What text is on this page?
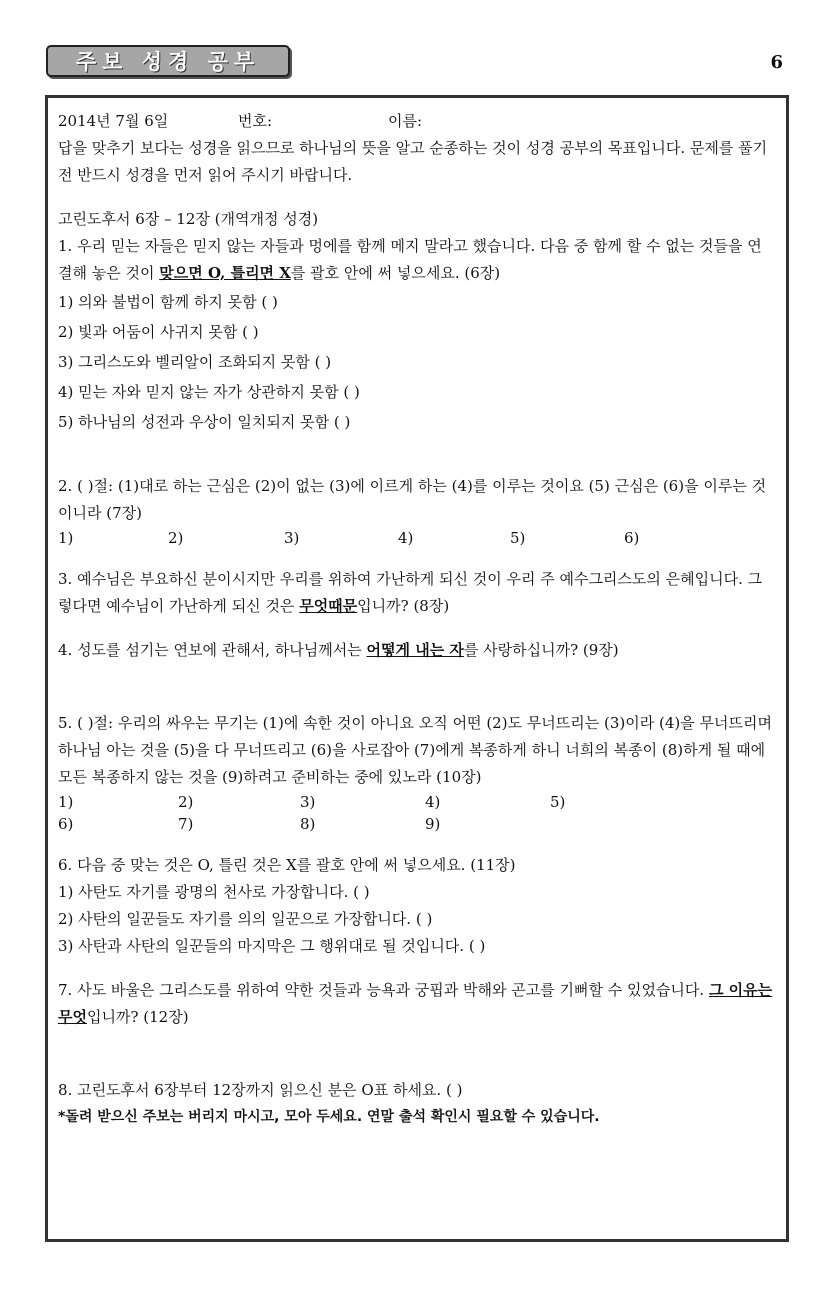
주보 성경 공부	6
2014년 7월 6일	번호:	이름:
답을 맞추기 보다는 성경을 읽으므로 하나님의 뜻을 알고 순종하는 것이 성경 공부의 목표입니다. 문제를 풀기 전 반드시 성경을 먼저 읽어 주시기 바랍니다.
고린도후서 6장 – 12장 (개역개정 성경)
1. 우리 믿는 자들은 믿지 않는 자들과 멍에를 함께 메지 말라고 했습니다. 다음 중 함께 할 수 없는 것들을 연결해 놓은 것이 맞으면 O, 틀리면 X를 괄호 안에 써 넣으세요. (6장)
1) 의와 불법이 함께 하지 못함 ( )
2) 빛과 어둠이 사귀지 못함 ( )
3) 그리스도와 벨리알이 조화되지 못함 ( )
4) 믿는 자와 믿지 않는 자가 상관하지 못함 ( )
5) 하나님의 성전과 우상이 일치되지 못함 ( )
2. ( )절: (1)대로 하는 근심은 (2)이 없는 (3)에 이르게 하는 (4)를 이루는 것이요 (5) 근심은 (6)을 이루는 것이니라 (7장)
1)	2)	3)	4)	5)	6)
3. 예수님은 부요하신 분이시지만 우리를 위하여 가난하게 되신 것이 우리 주 예수그리스도의 은혜입니다. 그렇다면 예수님이 가난하게 되신 것은 무엇때문입니까? (8장)
4. 성도를 섬기는 연보에 관해서, 하나님께서는 어떻게 내는 자를 사랑하십니까? (9장)
5. ( )절: 우리의 싸우는 무기는 (1)에 속한 것이 아니요 오직 어떤 (2)도 무너뜨리는 (3)이라 (4)을 무너뜨리며 하나님 아는 것을 (5)을 다 무너뜨리고 (6)을 사로잡아 (7)에게 복종하게 하니 너희의 복종이 (8)하게 될 때에 모든 복종하지 않는 것을 (9)하려고 준비하는 중에 있노라 (10장)
1)	2)	3)	4)	5)
6)	7)	8)	9)
6. 다음 중 맞는 것은 O, 틀린 것은 X를 괄호 안에 써 넣으세요. (11장)
1) 사탄도 자기를 광명의 천사로 가장합니다. ( )
2) 사탄의 일꾼들도 자기를 의의 일꾼으로 가장합니다. ( )
3) 사탄과 사탄의 일꾼들의 마지막은 그 행위대로 될 것입니다. ( )
7. 사도 바울은 그리스도를 위하여 약한 것들과 능욕과 궁핍과 박해와 곤고를 기뻐할 수 있었습니다. 그 이유는 무엇입니까? (12장)
8. 고린도후서 6장부터 12장까지 읽으신 분은 O표 하세요. ( )
*돌려 받으신 주보는 버리지 마시고, 모아 두세요. 연말 출석 확인시 필요할 수 있습니다.
